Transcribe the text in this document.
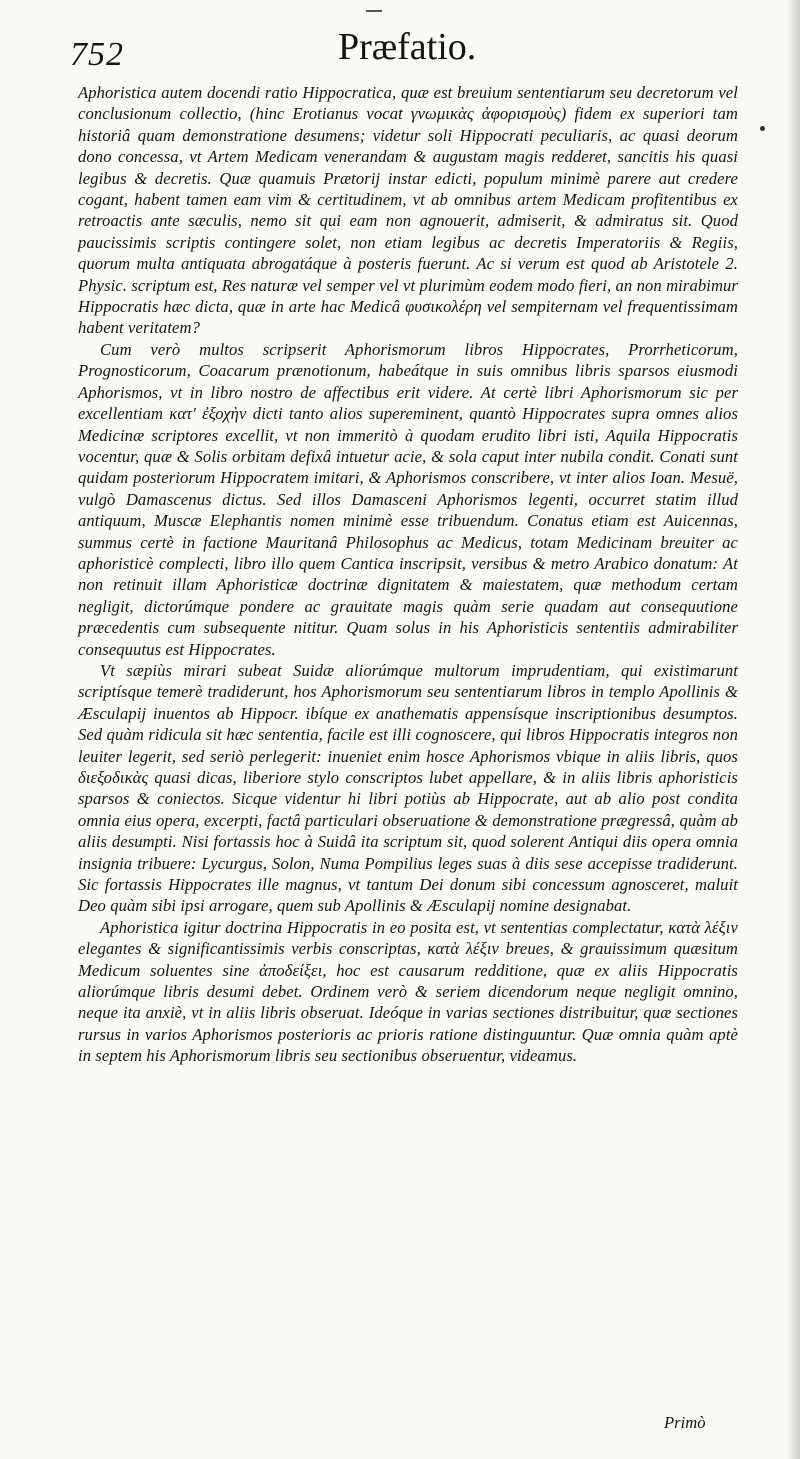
752	Præfatio.

Aphoristica autem docendi ratio Hippocratica, quæ est breuium sententiarum seu decretorum vel conclusionum collectio, (hinc Erotianus vocat γνωμικὰς ἀφορισμοὺς) fidem ex superiori tam historiâ quam demonstratione desumens; videtur soli Hippocrati peculiaris, ac quasi deorum dono concessa, vt Artem Medicam venerandam & augustam magis redderet, sancitis his quasi legibus & decretis. Quæ quamuis Prætorij instar edicti, populum minimè parere aut credere cogant, habent tamen eam vim & certitudinem, vt ab omnibus artem Medicam profitentibus ex retroactis ante sæculis, nemo sit qui eam non agnouerit, admiserit, & admiratus sit. Quod paucissimis scriptis contingere solet, non etiam legibus ac decretis Imperatoriis & Regiis, quorum multa antiquata abrogatáque à posteris fuerunt. Ac si verum est quod ab Aristotele 2. Physic. scriptum est, Res naturæ vel semper vel vt plurimùm eodem modo fieri, an non mirabimur Hippocratis hæc dicta, quæ in arte hac Medicâ φυσικολέρη vel sempiternam vel frequentissimam habent veritatem?

Cum verò multos scripserit Aphorismorum libros Hippocrates, Prorrheticorum, Prognosticorum, Coacarum prænotionum, habeátque in suis omnibus libris sparsos eiusmodi Aphorismos, vt in libro nostro de affectibus erit videre. At certè libri Aphorismorum sic per excellentiam κατ' ἐξοχὴν dicti tanto alios supereminent, quantò Hippocrates supra omnes alios Medicinæ scriptores excellit, vt non immeritò à quodam erudito libri isti, Aquila Hippocratis vocentur, quæ & Solis orbitam defixâ intuetur acie, & sola caput inter nubila condit. Conati sunt quidam posteriorum Hippocratem imitari, & Aphorismos conscribere, vt inter alios Ioan. Mesuë, vulgò Damascenus dictus. Sed illos Damasceni Aphorismos legenti, occurret statim illud antiquum, Muscæ Elephantis nomen minimè esse tribuendum. Conatus etiam est Auicennas, summus certè in factione Mauritanâ Philosophus ac Medicus, totam Medicinam breuiter ac aphoristicè complecti, libro illo quem Cantica inscripsit, versibus & metro Arabico donatum: At non retinuit illam Aphoristicæ doctrinæ dignitatem & maiestatem, quæ methodum certam negligit, dictorúmque pondere ac grauitate magis quàm serie quadam aut consequutione præcedentis cum subsequente nititur. Quam solus in his Aphoristicis sententiis admirabiliter consequutus est Hippocrates.

Vt sæpiùs mirari subeat Suidæ aliorúmque multorum imprudentiam, qui existimarunt scriptísque temerè tradiderunt, hos Aphorismorum seu sententiarum libros in templo Apollinis & Æsculapij inuentos ab Hippocr. ibíque ex anathematis appensísque inscriptionibus desumptos. Sed quàm ridicula sit hæc sententia, facile est illi cognoscere, qui libros Hippocratis integros non leuiter legerit, sed seriò perlegerit: inueniet enim hosce Aphorismos vbique in aliis libris, quos διεξοδικὰς quasi dicas, liberiore stylo conscriptos lubet appellare, & in aliis libris aphoristicis sparsos & coniectos. Sicque videntur hi libri potiùs ab Hippocrate, aut ab alio post condita omnia eius opera, excerpti, factâ particulari obseruatione & demonstratione prægressâ, quàm ab aliis desumpti. Nisi fortassis hoc à Suidâ ita scriptum sit, quod solerent Antiqui diis opera omnia insignia tribuere: Lycurgus, Solon, Numa Pompilius leges suas à diis sese accepisse tradiderunt. Sic fortassis Hippocrates ille magnus, vt tantum Dei donum sibi concessum agnosceret, maluit Deo quàm sibi ipsi arrogare, quem sub Apollinis & Æsculapij nomine designabat.

Aphoristica igitur doctrina Hippocratis in eo posita est, vt sententias complectatur, κατὰ λέξιν elegantes & significantissimis verbis conscriptas, κατὰ λέξιν breues, & grauissimum quæsitum Medicum soluentes sine ἀποδείξει, hoc est causarum redditione, quæ ex aliis Hippocratis aliorúmque libris desumi debet. Ordinem verò & seriem dicendorum neque negligit omnino, neque ita anxiè, vt in aliis libris obseruat. Ideóque in varias sectiones distribuitur, quæ sectiones rursus in varios Aphorismos posterioris ac prioris ratione distinguuntur. Quæ omnia quàm aptè in septem his Aphorismorum libris seu sectionibus obseruentur, videamus.

Primò
